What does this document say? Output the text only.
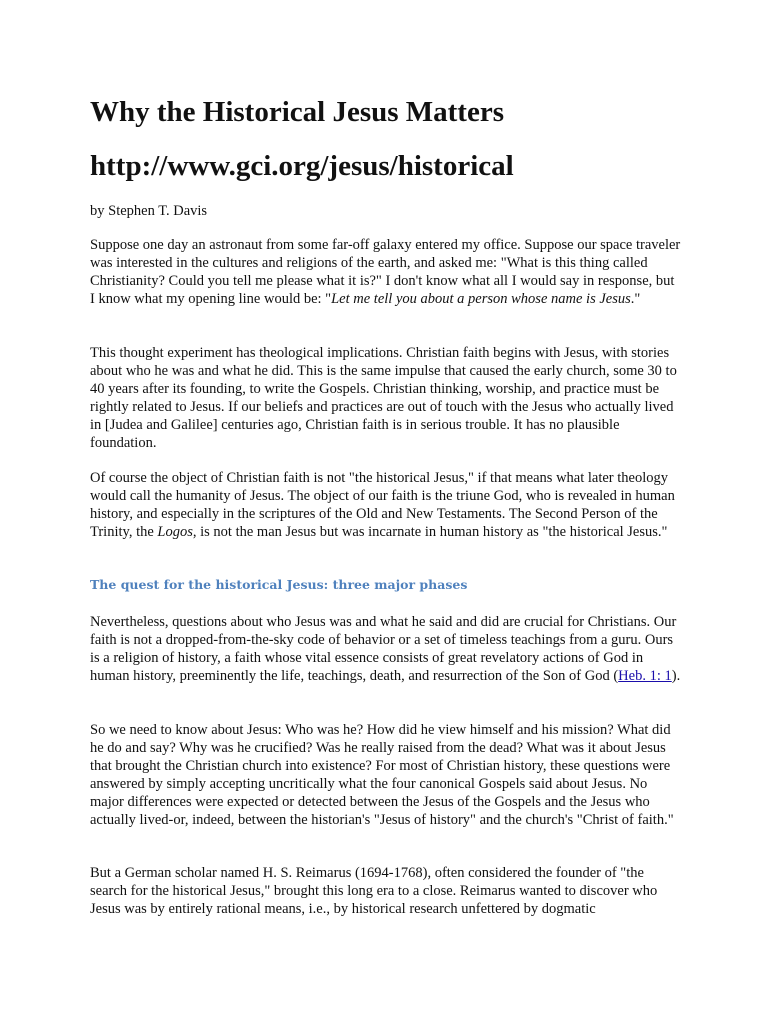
Why the Historical Jesus Matters
http://www.gci.org/jesus/historical
by Stephen T. Davis

Suppose one day an astronaut from some far-off galaxy entered my office. Suppose our space traveler was interested in the cultures and religions of the earth, and asked me: "What is this thing called Christianity? Could you tell me please what it is?" I don't know what all I would say in response, but I know what my opening line would be: "Let me tell you about a person whose name is Jesus."

This thought experiment has theological implications. Christian faith begins with Jesus, with stories about who he was and what he did. This is the same impulse that caused the early church, some 30 to 40 years after its founding, to write the Gospels. Christian thinking, worship, and practice must be rightly related to Jesus. If our beliefs and practices are out of touch with the Jesus who actually lived in [Judea and Galilee] centuries ago, Christian faith is in serious trouble. It has no plausible foundation.

Of course the object of Christian faith is not "the historical Jesus," if that means what later theology would call the humanity of Jesus. The object of our faith is the triune God, who is revealed in human history, and especially in the scriptures of the Old and New Testaments. The Second Person of the Trinity, the Logos, is not the man Jesus but was incarnate in human history as "the historical Jesus."

The quest for the historical Jesus: three major phases

Nevertheless, questions about who Jesus was and what he said and did are crucial for Christians. Our faith is not a dropped-from-the-sky code of behavior or a set of timeless teachings from a guru. Ours is a religion of history, a faith whose vital essence consists of great revelatory actions of God in human history, preeminently the life, teachings, death, and resurrection of the Son of God (Heb. 1: 1).

So we need to know about Jesus: Who was he? How did he view himself and his mission? What did he do and say? Why was he crucified? Was he really raised from the dead? What was it about Jesus that brought the Christian church into existence? For most of Christian history, these questions were answered by simply accepting uncritically what the four canonical Gospels said about Jesus. No major differences were expected or detected between the Jesus of the Gospels and the Jesus who actually lived-or, indeed, between the historian's "Jesus of history" and the church's "Christ of faith."

But a German scholar named H. S. Reimarus (1694-1768), often considered the founder of "the search for the historical Jesus," brought this long era to a close. Reimarus wanted to discover who Jesus was by entirely rational means, i.e., by historical research unfettered by dogmatic
